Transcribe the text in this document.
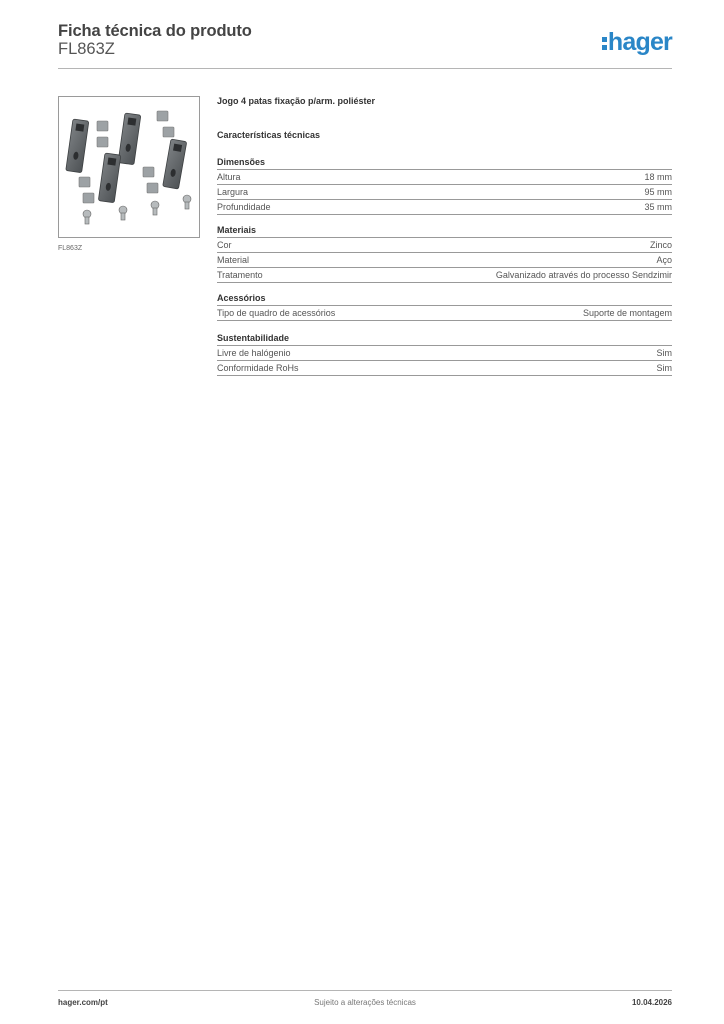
Ficha técnica do produto
FL863Z	hager
FL863Z
Jogo 4 patas fixação p/arm. poliéster
Características técnicas
Dimensões
Altura	18 mm
Largura	95 mm
Profundidade	35 mm
Materiais
Cor	Zinco
Material	Aço
Tratamento	Galvanizado através do processo Sendzimir
Acessórios
Tipo de quadro de acessórios	Suporte de montagem
Sustentabilidade
Livre de halógenio	Sim
Conformidade RoHs	Sim
hager.com/pt	Sujeito a alterações técnicas	10.04.2026
